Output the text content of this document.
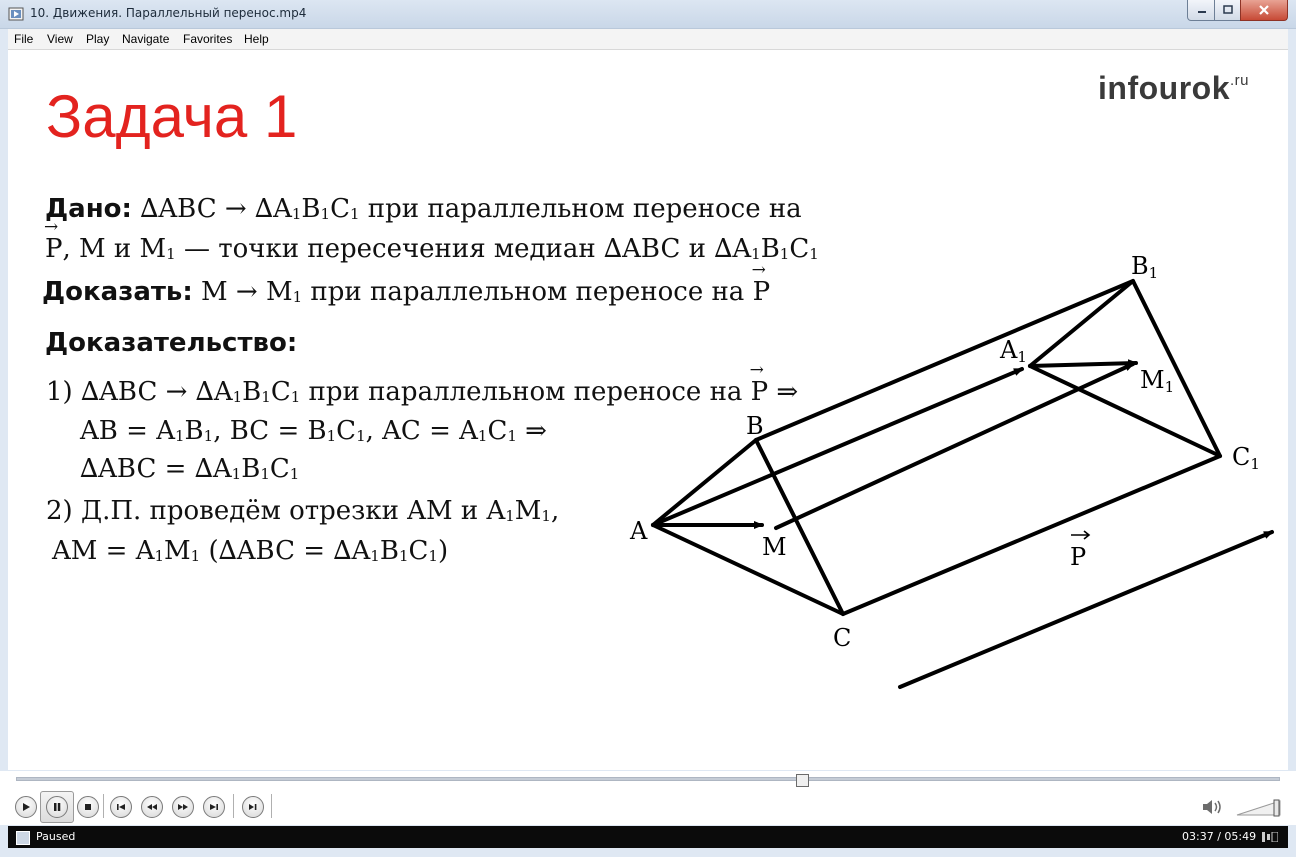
10. Движения. Параллельный перенос.mp4
File View Play Navigate Favorites Help
Задача 1	infourok$^{.ru}$
Дано: $\Delta ABC \to \Delta A_1B_1C_1$ при параллельном переносе на
→ P, M и $M_1$ — точки пересечения медиан ∆ABC и $\Delta A_1B_1C_1$
Доказать: $M \to M_1$ при параллельном переносе на → P
Доказательство:
1) $\Delta ABC \to \Delta A_1B_1C_1$ при параллельном переносе на → P ⇒
AB = $A_1B_1$, BC = $B_1C_1$, AC = $A_1C_1$ ⇒
$\Delta ABC = \Delta A_1B_1C_1$
2) Д.П. проведём отрезки AM и $A_1M_1$,
AM = $A_1M_1$ $(\Delta ABC = \Delta A_1B_1C_1)$
A
B
C
M
A1
B1
C1
M1
P
Paused	03:37 / 05:49
